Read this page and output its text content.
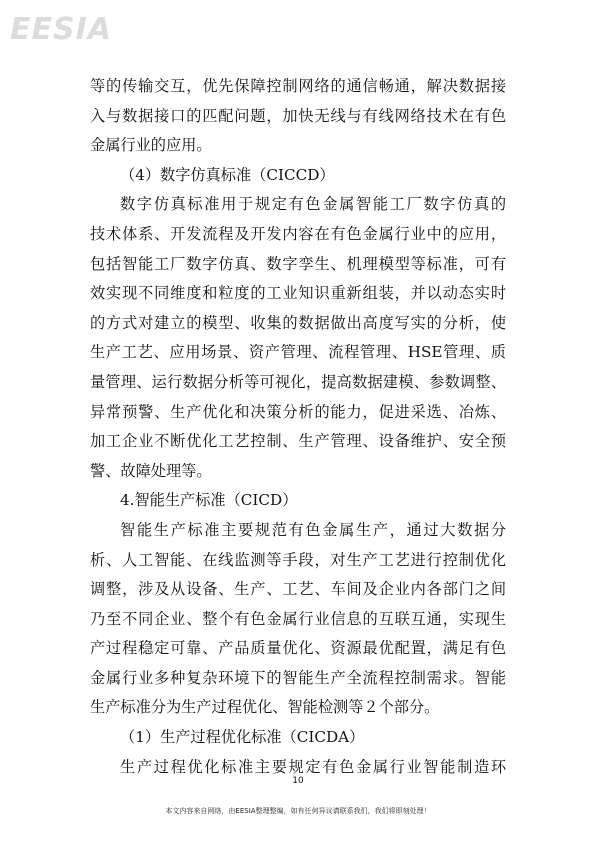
EESIA
等的传输交互，优先保障控制网络的通信畅通，解决数据接
入与数据接口的匹配问题，加快无线与有线网络技术在有色
金属行业的应用。
（4）数字仿真标准（CICCD）
数字仿真标准用于规定有色金属智能工厂数字仿真的
技术体系、开发流程及开发内容在有色金属行业中的应用，
包括智能工厂数字仿真、数字孪生、机理模型等标准，可有
效实现不同维度和粒度的工业知识重新组装，并以动态实时
的方式对建立的模型、收集的数据做出高度写实的分析，使
生产工艺、应用场景、资产管理、流程管理、HSE管理、质
量管理、运行数据分析等可视化，提高数据建模、参数调整、
异常预警、生产优化和决策分析的能力，促进采选、冶炼、
加工企业不断优化工艺控制、生产管理、设备维护、安全预
警、故障处理等。
4.智能生产标准（CICD）
智能生产标准主要规范有色金属生产，通过大数据分
析、人工智能、在线监测等手段，对生产工艺进行控制优化
调整，涉及从设备、生产、工艺、车间及企业内各部门之间
乃至不同企业、整个有色金属行业信息的互联互通，实现生
产过程稳定可靠、产品质量优化、资源最优配置，满足有色
金属行业多种复杂环境下的智能生产全流程控制需求。智能
生产标准分为生产过程优化、智能检测等２个部分。
（1）生产过程优化标准（CICDA）
生产过程优化标准主要规定有色金属行业智能制造环
10
本文内容来自网络，由EESIA整理整编，如有任何异议请联系我们，我们将即刻处理！
